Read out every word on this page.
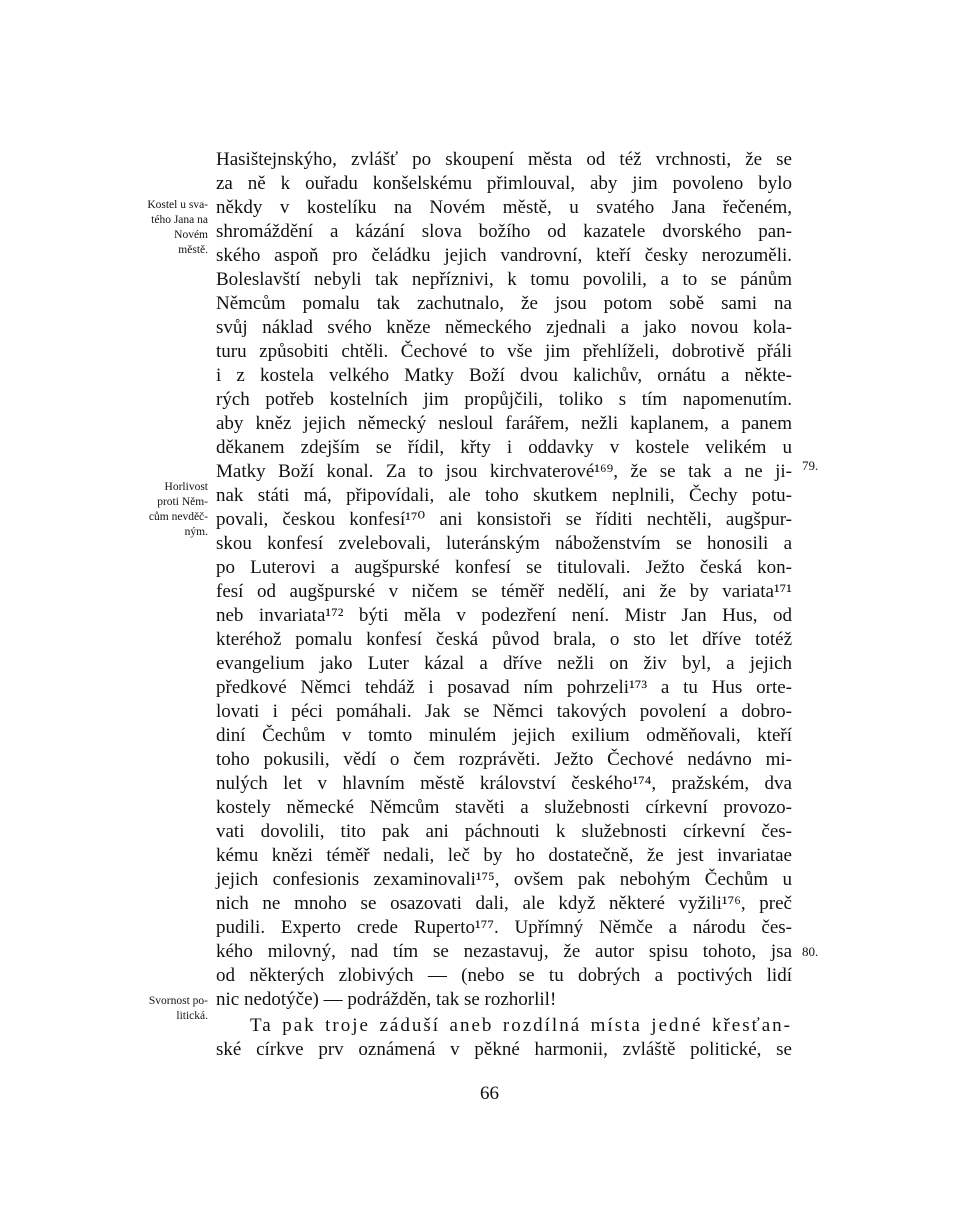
Kostel u sva-
tého Jana na
Novém
městě.
Horlivost
proti Něm-
cům nevděč-
ným.
Svornost po-
litická.
79.
80.
Hasištejnskýho, zvlášť po skoupení města od též vrchnosti, že se
za ně k ouřadu konšelskému přimlouval, aby jim povoleno bylo
někdy v kostelíku na Novém městě, u svatého Jana řečeném,
shromáždění a kázání slova božího od kazatele dvorského pan-
ského aspoň pro čeládku jejich vandrovní, kteří česky nerozuměli.
Boleslavští nebyli tak nepříznivi, k tomu povolili, a to se pánům
Němcům pomalu tak zachutnalo, že jsou potom sobě sami na
svůj náklad svého kněze německého zjednali a jako novou kola-
turu způsobiti chtěli. Čechové to vše jim přehlíželi, dobrotivě přáli
i z kostela velkého Matky Boží dvou kalichův, ornátu a někte-
rých potřeb kostelních jim propůjčili, toliko s tím napomenutím.
aby kněz jejich německý nesloul farářem, nežli kaplanem, a panem
děkanem zdejším se řídil, křty i oddavky v kostele velikém u
Matky Boží konal. Za to jsou kirchvaterové¹⁶⁹, že se tak a ne ji-
nak státi má, připovídali, ale toho skutkem neplnili, Čechy potu-
povali, českou konfesí¹⁷⁰ ani konsistoři se říditi nechtěli, augšpur-
skou konfesí zvelebovali, luteránským náboženstvím se honosili a
po Luterovi a augšpurské konfesí se titulovali. Ježto česká kon-
fesí od augšpurské v ničem se téměř nedělí, ani že by variata¹⁷¹
neb invariata¹⁷² býti měla v podezření není. Mistr Jan Hus, od
kteréhož pomalu konfesí česká původ brala, o sto let dříve totéž
evangelium jako Luter kázal a dříve nežli on živ byl, a jejich
předkové Němci tehdáž i posavad ním pohrzeli¹⁷³ a tu Hus orte-
lovati i péci pomáhali. Jak se Němci takových povolení a dobro-
diní Čechům v tomto minulém jejich exilium odměňovali, kteří
toho pokusili, vědí o čem rozprávěti. Ježto Čechové nedávno mi-
nulých let v hlavním městě království českého¹⁷⁴, pražském, dva
kostely německé Němcům stavěti a služebnosti církevní provozo-
vati dovolili, tito pak ani páchnouti k služebnosti církevní čes-
kému knězi téměř nedali, leč by ho dostatečně, že jest invariatae
jejich confesionis zexaminovali¹⁷⁵, ovšem pak nebohým Čechům u
nich ne mnoho se osazovati dali, ale když některé vyžili¹⁷⁶, preč
pudili. Experto crede Ruperto¹⁷⁷. Upřímný Němče a národu čes-
kého milovný, nad tím se nezastavuj, že autor spisu tohoto, jsa
od některých zlobivých — (nebo se tu dobrých a poctivých lidí
nic nedotýče) — podrážděn, tak se rozhorlil!
Ta pak troje záduší aneb rozdílná místa jedné křesťan-
ské církve prv oznámená v pěkné harmonii, zvláště politické, se
66
